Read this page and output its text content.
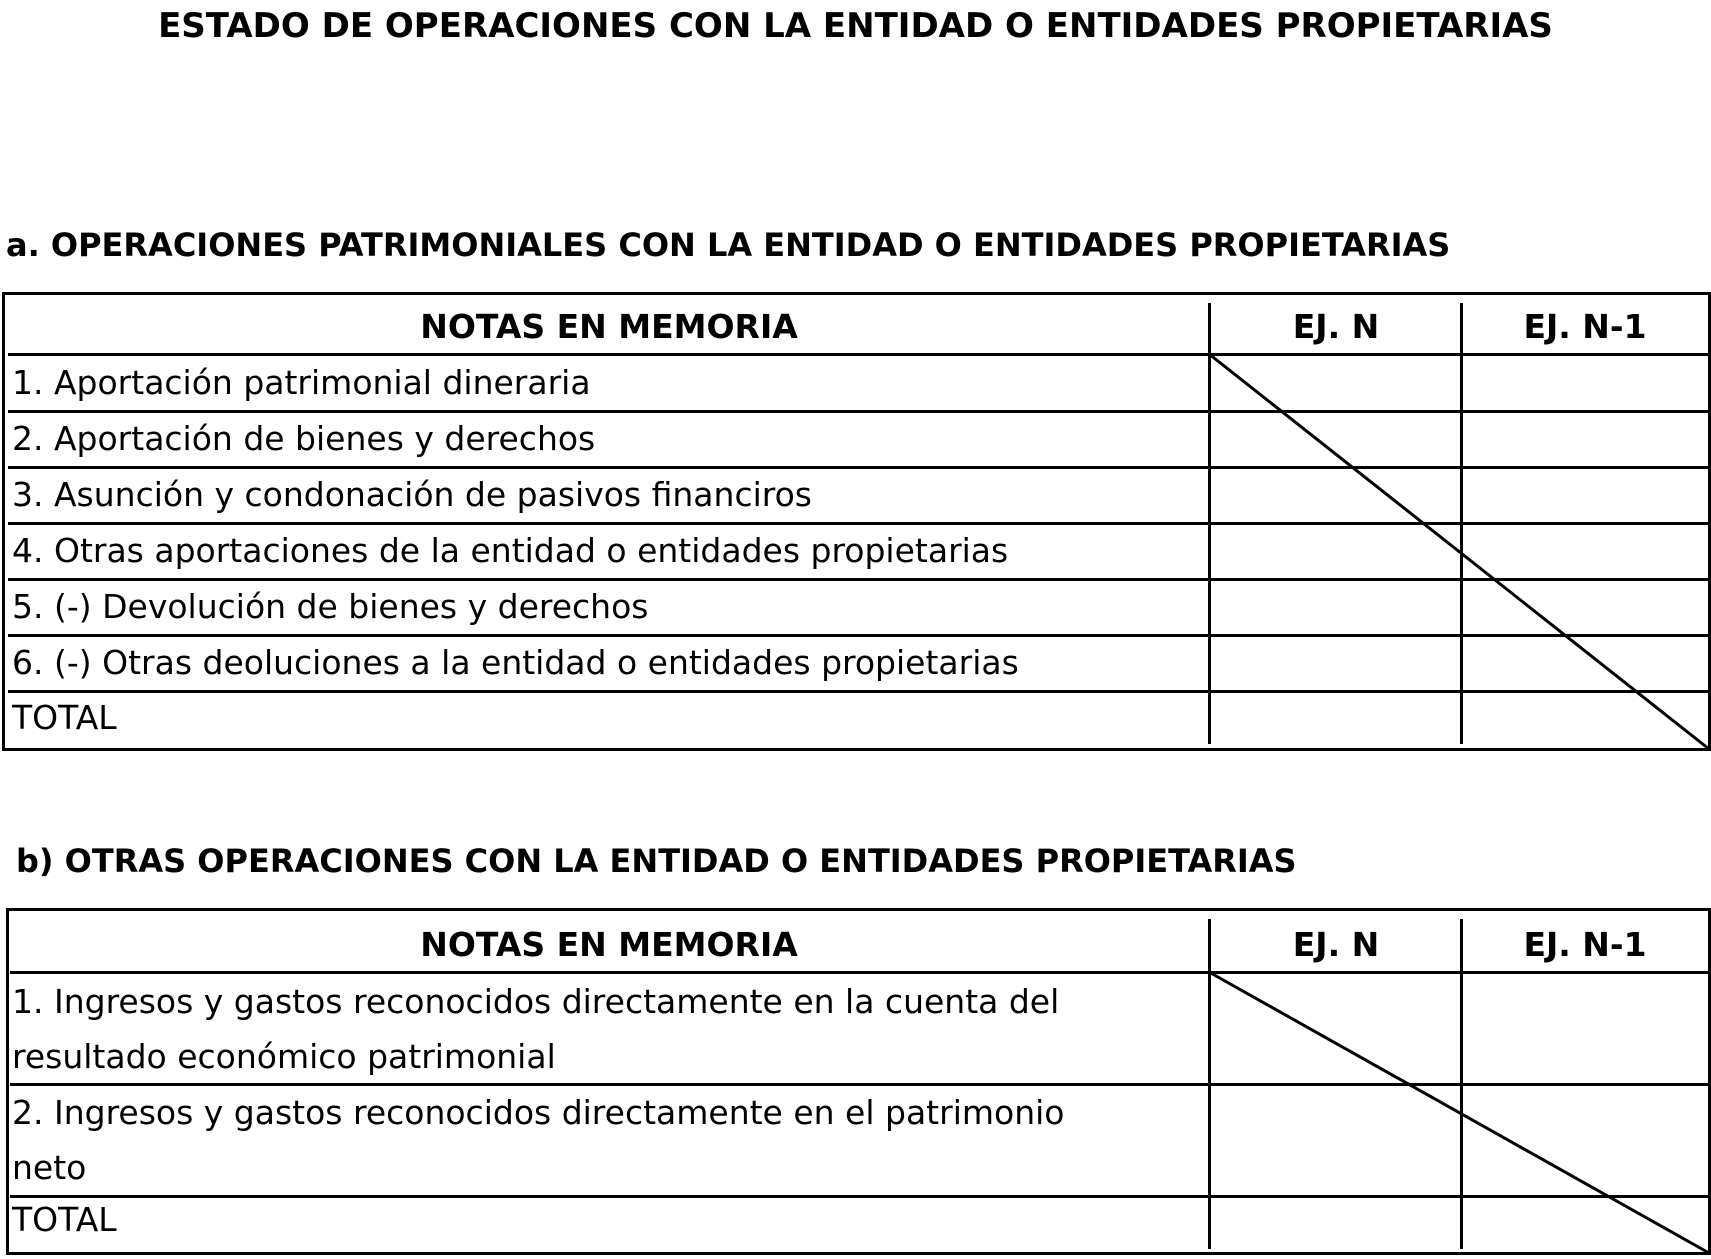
ESTADO DE OPERACIONES CON LA ENTIDAD O ENTIDADES PROPIETARIAS
a. OPERACIONES PATRIMONIALES CON LA ENTIDAD O ENTIDADES PROPIETARIAS
NOTAS EN MEMORIA	EJ. N	EJ. N-1
1. Aportación patrimonial dineraria
2. Aportación de bienes y derechos
3. Asunción y condonación de pasivos financiros
4. Otras aportaciones de la entidad o entidades propietarias
5. (-) Devolución de bienes y derechos
6. (-) Otras deoluciones a la entidad o entidades propietarias
TOTAL
b) OTRAS OPERACIONES CON LA ENTIDAD O ENTIDADES PROPIETARIAS
NOTAS EN MEMORIA	EJ. N	EJ. N-1
1. Ingresos y gastos reconocidos directamente en la cuenta del
resultado económico patrimonial
2. Ingresos y gastos reconocidos directamente en el patrimonio
neto
TOTAL
